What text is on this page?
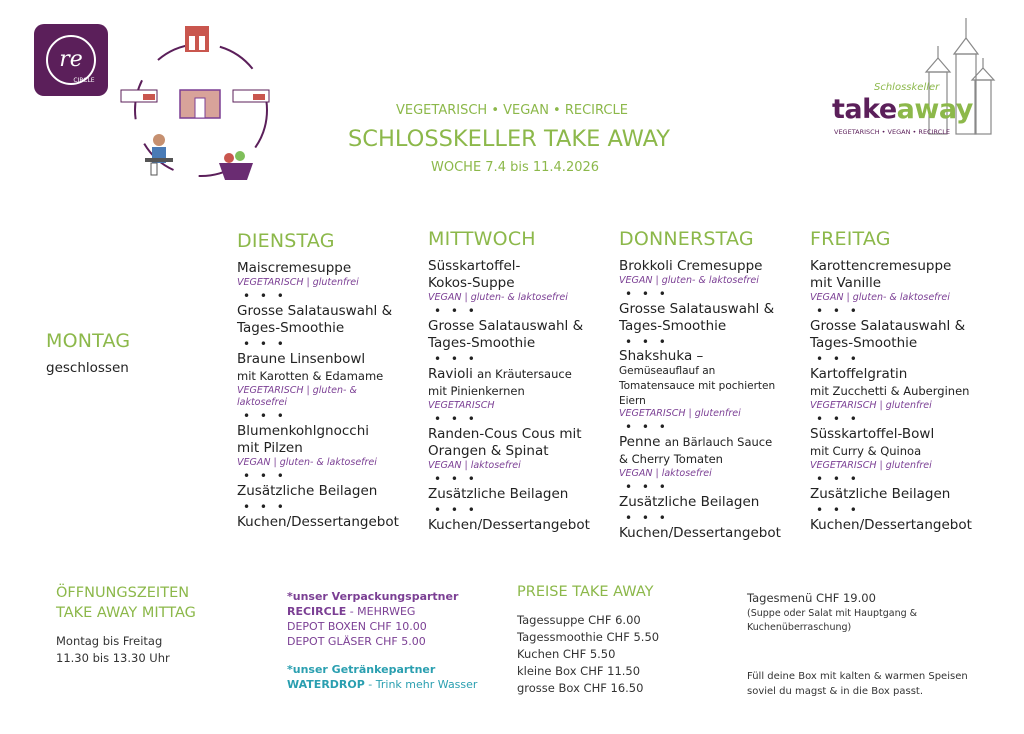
re
CIRCLE
VEGETARISCH • VEGAN • RECIRCLE
SCHLOSSKELLER TAKE AWAY
WOCHE 7.4 bis 11.4.2026
Schlosskeller
takeaway
VEGETARISCH • VEGAN • RECIRCLE
MONTAG
geschlossen
DIENSTAG
Maiscremesuppe
VEGETARISCH | glutenfrei
• • •
Grosse Salatauswahl & Tages-Smoothie
• • •
Braune Linsenbowl
mit Karotten & Edamame
VEGETARISCH | gluten- & laktosefrei
• • •
Blumenkohlgnocchi mit Pilzen
VEGAN | gluten- & laktosefrei
• • •
Zusätzliche Beilagen
• • •
Kuchen/Dessertangebot
MITTWOCH
Süsskartoffel-Kokos-Suppe
VEGAN | gluten- & laktosefrei
• • •
Grosse Salatauswahl & Tages-Smoothie
• • •
Ravioli an Kräutersauce mit Pinienkernen
VEGETARISCH
• • •
Randen-Cous Cous mit Orangen & Spinat
VEGAN | laktosefrei
• • •
Zusätzliche Beilagen
• • •
Kuchen/Dessertangebot
DONNERSTAG
Brokkoli Cremesuppe
VEGAN | gluten- & laktosefrei
• • •
Grosse Salatauswahl & Tages-Smoothie
• • •
Shakshuka – Gemüseauflauf an Tomatensauce mit pochierten Eiern
VEGETARISCH | glutenfrei
• • •
Penne an Bärlauch Sauce & Cherry Tomaten
VEGAN | laktosefrei
• • •
Zusätzliche Beilagen
• • •
Kuchen/Dessertangebot
FREITAG
Karottencremesuppe mit Vanille
VEGAN | gluten- & laktosefrei
• • •
Grosse Salatauswahl & Tages-Smoothie
• • •
Kartoffelgratin
mit Zucchetti & Auberginen
VEGETARISCH | glutenfrei
• • •
Süsskartoffel-Bowl
mit Curry & Quinoa
VEGETARISCH | glutenfrei
• • •
Zusätzliche Beilagen
• • •
Kuchen/Dessertangebot
ÖFFNUNGSZEITEN
TAKE AWAY MITTAG
Montag bis Freitag
11.30 bis 13.30 Uhr
*unser Verpackungspartner
RECIRCLE - MEHRWEG
DEPOT BOXEN CHF 10.00
DEPOT GLÄSER CHF 5.00
*unser Getränkepartner
WATERDROP - Trink mehr Wasser
PREISE TAKE AWAY
Tagessuppe CHF 6.00
Tagessmoothie CHF 5.50
Kuchen CHF 5.50
kleine Box CHF 11.50
grosse Box CHF 16.50
Tagesmenü CHF 19.00
(Suppe oder Salat mit Hauptgang & Kuchenüberraschung)
Füll deine Box mit kalten & warmen Speisen soviel du magst & in die Box passt.
